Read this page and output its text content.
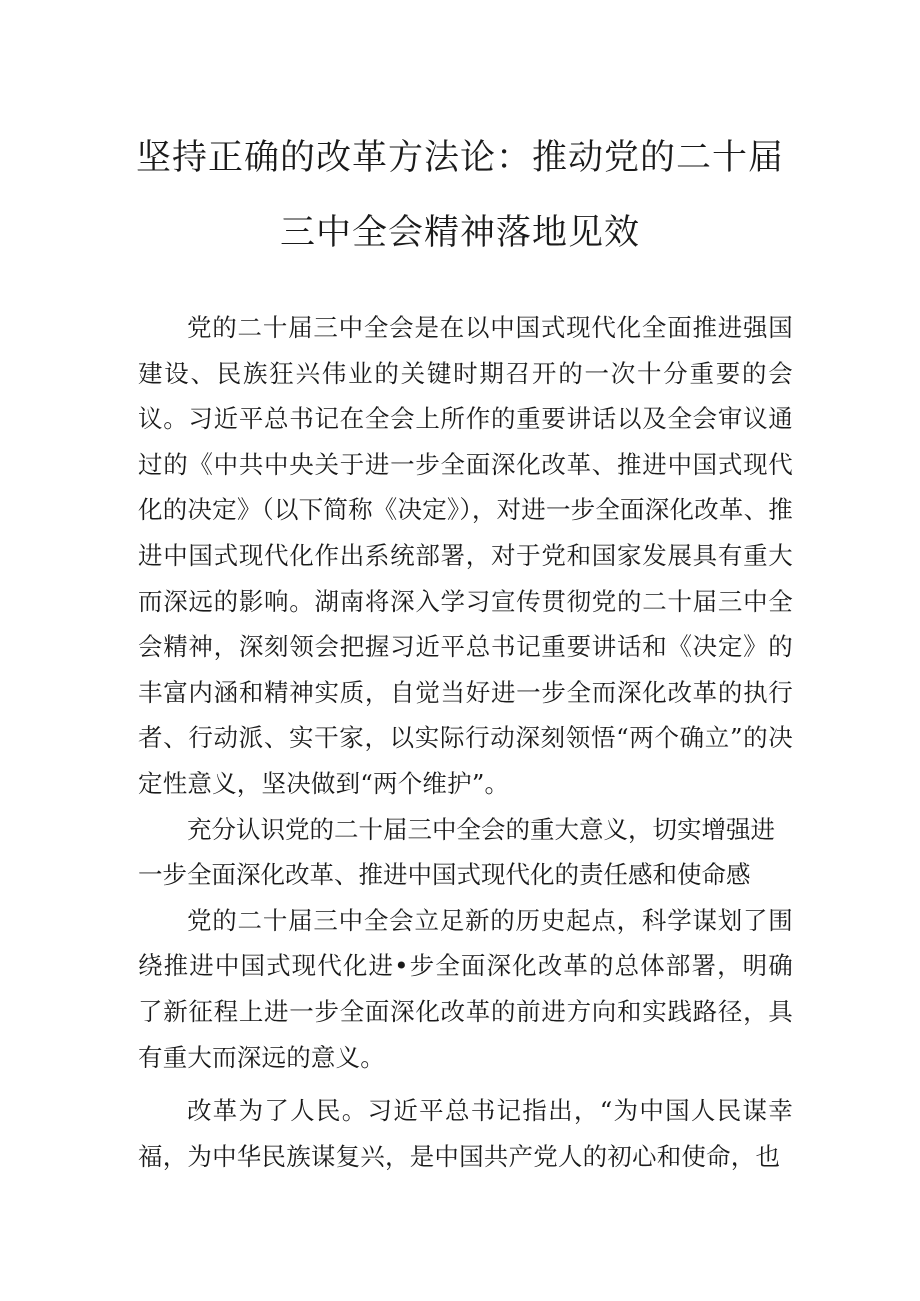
坚持正确的改革方法论：推动党的二十届
三中全会精神落地见效

党的二十届三中全会是在以中国式现代化全面推进强国建设、民族狂兴伟业的关键时期召开的一次十分重要的会议。习近平总书记在全会上所作的重要讲话以及全会审议通过的《中共中央关于进一步全面深化改革、推进中国式现代化的决定》（以下简称《决定》），对进一步全面深化改革、推进中国式现代化作出系统部署，对于党和国家发展具有重大而深远的影响。湖南将深入学习宣传贯彻党的二十届三中全会精神，深刻领会把握习近平总书记重要讲话和《决定》的丰富内涵和精神实质，自觉当好进一步全而深化改革的执行者、行动派、实干家，以实际行动深刻领悟“两个确立”的决定性意义，坚决做到“两个维护”。

充分认识党的二十届三中全会的重大意义，切实增强进一步全面深化改革、推进中国式现代化的责任感和使命感

党的二十届三中全会立足新的历史起点，科学谋划了围绕推进中国式现代化进•步全面深化改革的总体部署，明确了新征程上进一步全面深化改革的前进方向和实践路径，具有重大而深远的意义。

改革为了人民。习近平总书记指出，“为中国人民谋幸福，为中华民族谋复兴，是中国共产党人的初心和使命，也
